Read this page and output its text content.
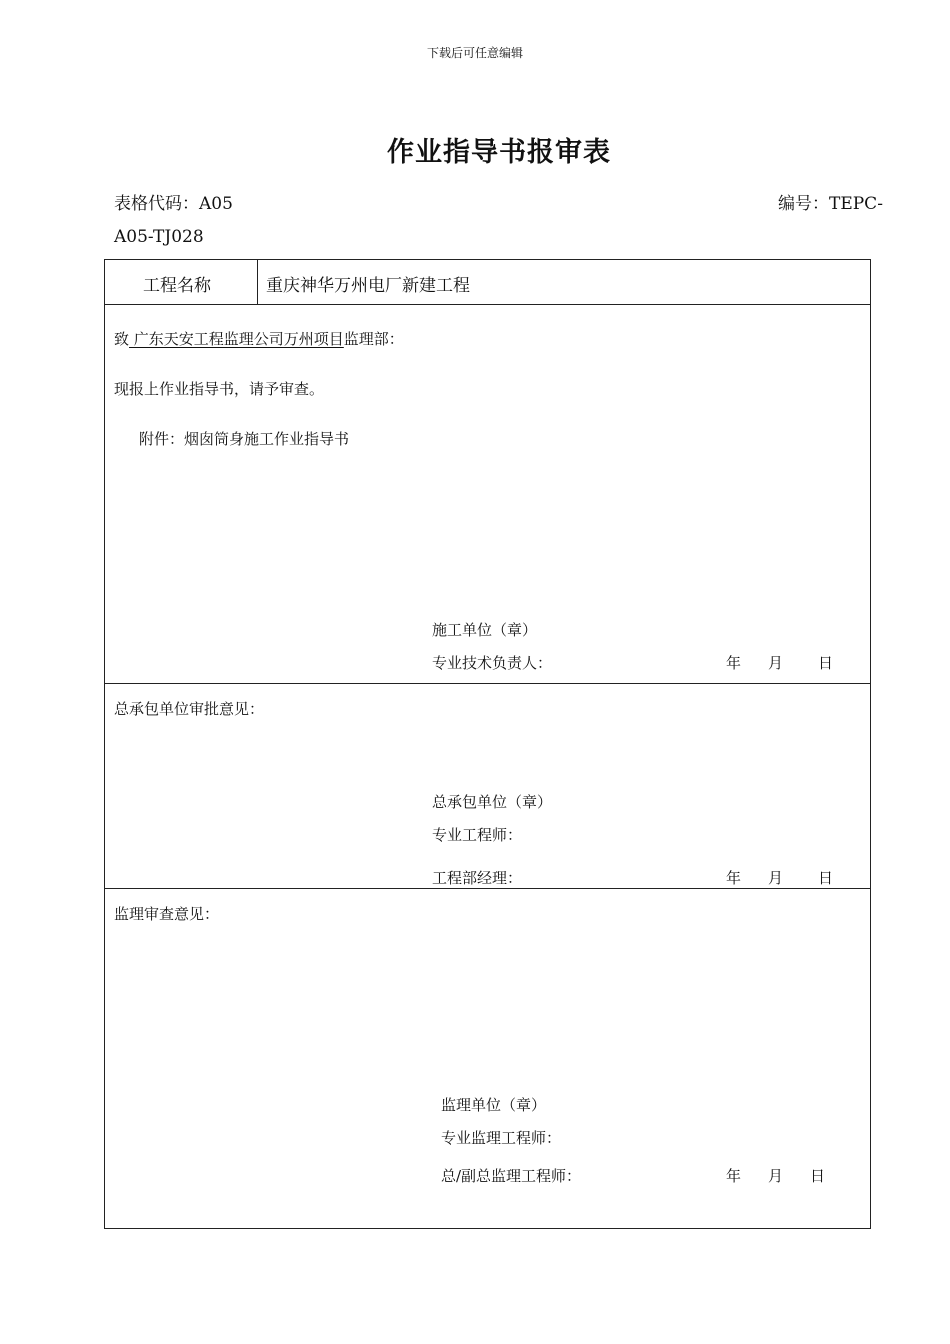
下载后可任意编辑
作业指导书报审表
表格代码：A05	编号：TEPC-
A05-TJ028
工程名称	重庆神华万州电厂新建工程
致 广东天安工程监理公司万州项目监理部：
现报上作业指导书，请予审查。
附件：烟囱筒身施工作业指导书
施工单位（章）
专业技术负责人：	年 月 日
总承包单位审批意见：
总承包单位（章）
专业工程师：
工程部经理：	年 月 日
监理审查意见：
监理单位（章）
专业监理工程师：
总/副总监理工程师：	年 月 日
